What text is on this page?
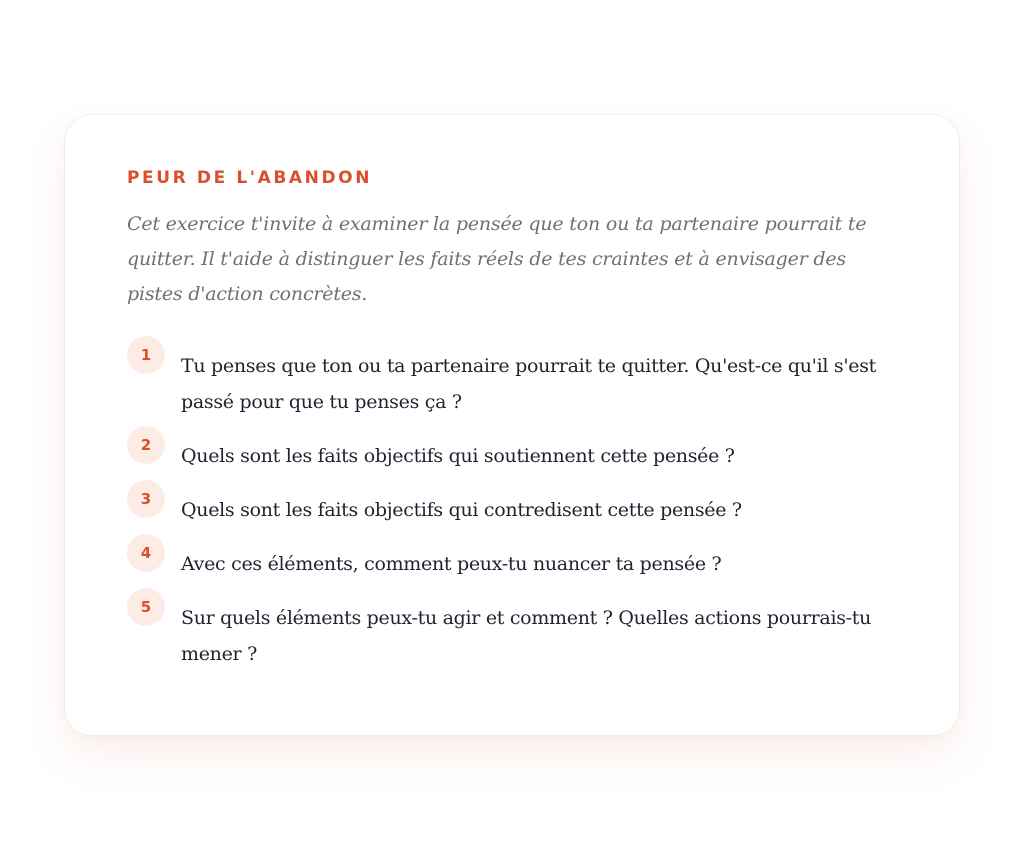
PEUR DE L'ABANDON

Cet exercice t'invite à examiner la pensée que ton ou ta partenaire pourrait te quitter. Il t'aide à distinguer les faits réels de tes craintes et à envisager des pistes d'action concrètes.

1	Tu penses que ton ou ta partenaire pourrait te quitter. Qu'est-ce qu'il s'est passé pour que tu penses ça ?
2	Quels sont les faits objectifs qui soutiennent cette pensée ?
3	Quels sont les faits objectifs qui contredisent cette pensée ?
4	Avec ces éléments, comment peux-tu nuancer ta pensée ?
5	Sur quels éléments peux-tu agir et comment ? Quelles actions pourrais-tu mener ?
